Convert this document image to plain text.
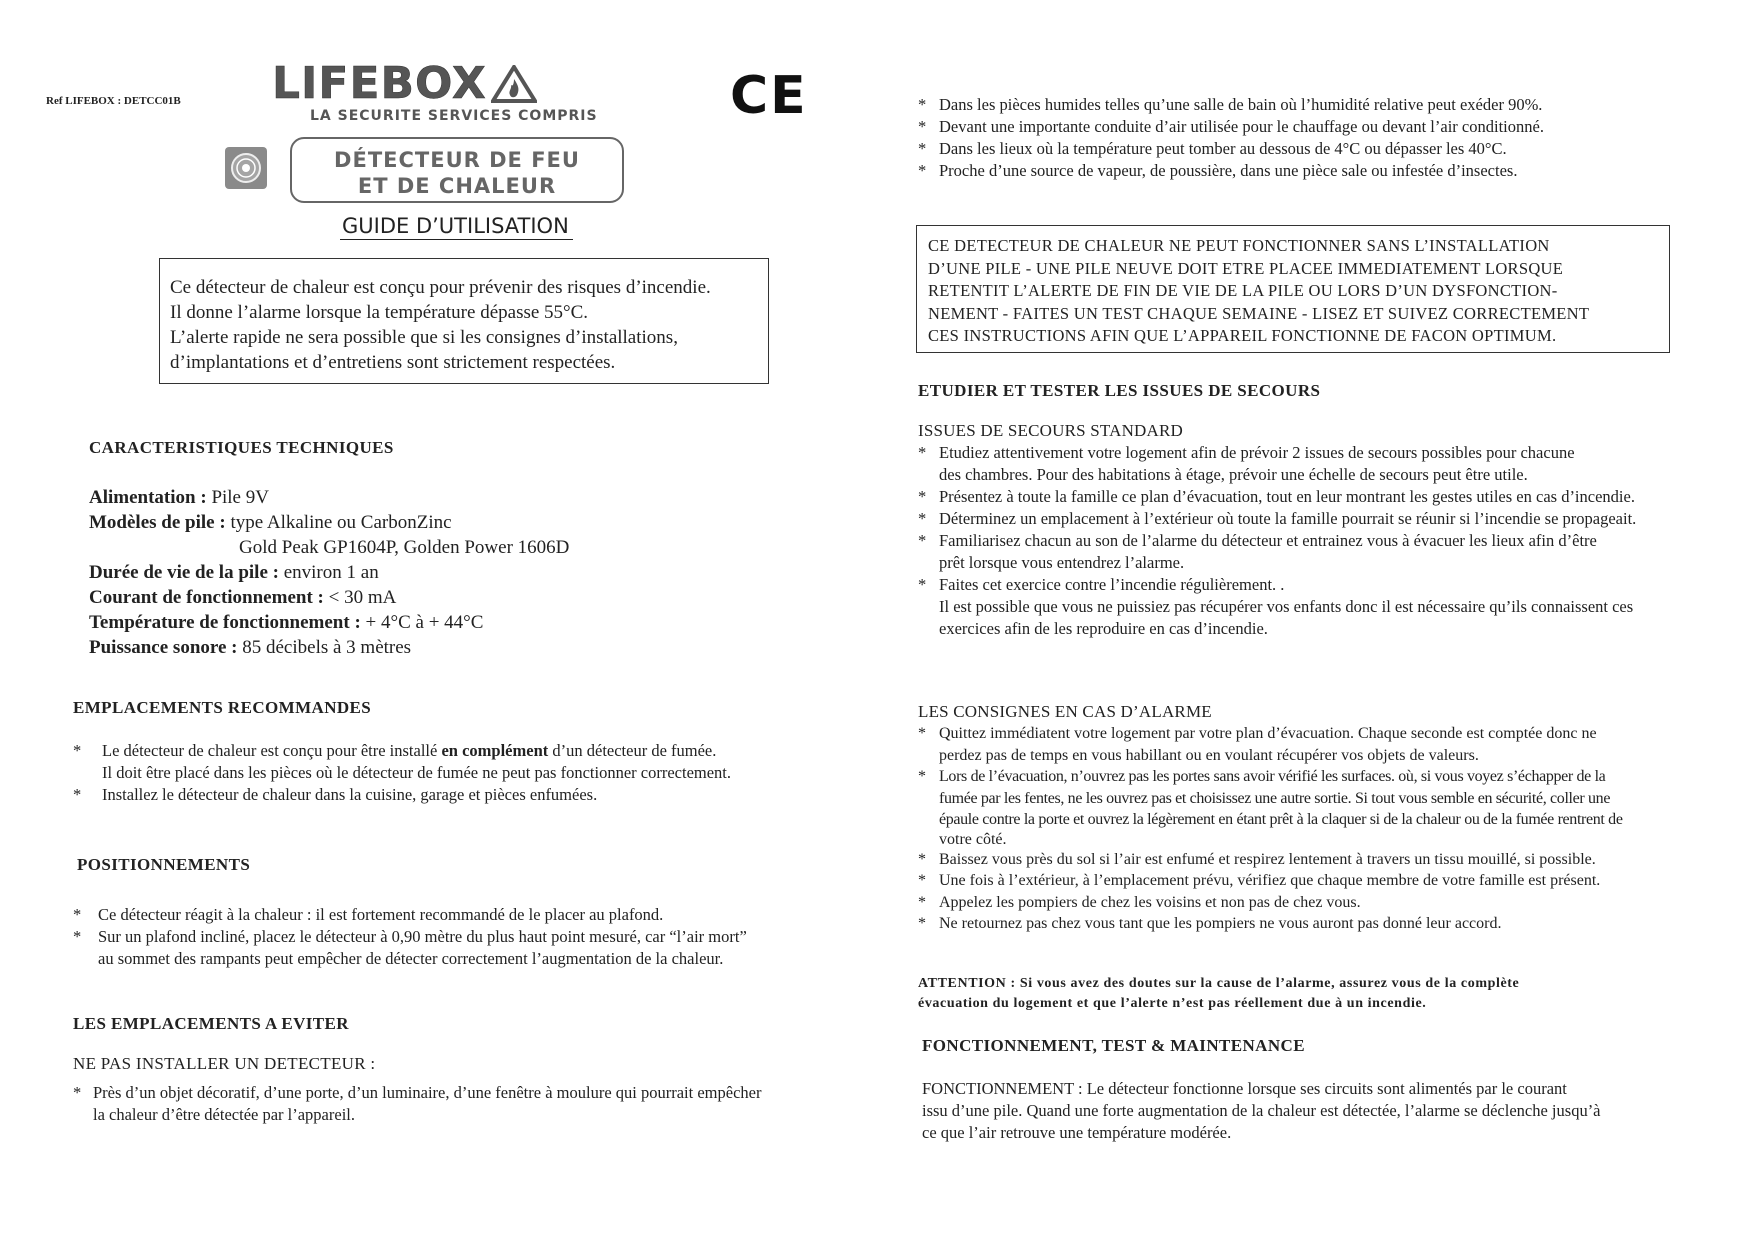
Ref LIFEBOX : DETCC01B LIFEBOX
LA SECURITE SERVICES COMPRIS	CE
DÉTECTEUR DE FEU
ET DE CHALEUR
GUIDE D’UTILISATION
Ce détecteur de chaleur est conçu pour prévenir des risques d’incendie.
Il donne l’alarme lorsque la température dépasse 55°C.
L’alerte rapide ne sera possible que si les consignes d’installations,
d’implantations et d’entretiens sont strictement respectées.
CARACTERISTIQUES TECHNIQUES
Alimentation : Pile 9V
Modèles de pile : type Alkaline ou CarbonZinc
Gold Peak GP1604P, Golden Power 1606D
Durée de vie de la pile : environ 1 an
Courant de fonctionnement : < 30 mA
Température de fonctionnement : + 4°C à + 44°C
Puissance sonore : 85 décibels à 3 mètres
EMPLACEMENTS RECOMMANDES
* Le détecteur de chaleur est conçu pour être installé en complément d’un détecteur de fumée.
Il doit être placé dans les pièces où le détecteur de fumée ne peut pas fonctionner correctement.
* Installez le détecteur de chaleur dans la cuisine, garage et pièces enfumées.
POSITIONNEMENTS
* Ce détecteur réagit à la chaleur : il est fortement recommandé de le placer au plafond.
* Sur un plafond incliné, placez le détecteur à 0,90 mètre du plus haut point mesuré, car “l’air mort”
au sommet des rampants peut empêcher de détecter correctement l’augmentation de la chaleur.
LES EMPLACEMENTS A EVITER
NE PAS INSTALLER UN DETECTEUR :
* Près d’un objet décoratif, d’une porte, d’un luminaire, d’une fenêtre à moulure qui pourrait empêcher
la chaleur d’être détectée par l’appareil.
* Dans les pièces humides telles qu’une salle de bain où l’humidité relative peut exéder 90%.
* Devant une importante conduite d’air utilisée pour le chauffage ou devant l’air conditionné.
* Dans les lieux où la température peut tomber au dessous de 4°C ou dépasser les 40°C.
* Proche d’une source de vapeur, de poussière, dans une pièce sale ou infestée d’insectes.
CE DETECTEUR DE CHALEUR NE PEUT FONCTIONNER SANS L’INSTALLATION
D’UNE PILE - UNE PILE NEUVE DOIT ETRE PLACEE IMMEDIATEMENT LORSQUE
RETENTIT L’ALERTE DE FIN DE VIE DE LA PILE OU LORS D’UN DYSFONCTION-
NEMENT - FAITES UN TEST CHAQUE SEMAINE - LISEZ ET SUIVEZ CORRECTEMENT
CES INSTRUCTIONS AFIN QUE L’APPAREIL FONCTIONNE DE FACON OPTIMUM.
ETUDIER ET TESTER LES ISSUES DE SECOURS
ISSUES DE SECOURS STANDARD
* Etudiez attentivement votre logement afin de prévoir 2 issues de secours possibles pour chacune
des chambres. Pour des habitations à étage, prévoir une échelle de secours peut être utile.
* Présentez à toute la famille ce plan d’évacuation, tout en leur montrant les gestes utiles en cas d’incendie.
* Déterminez un emplacement à l’extérieur où toute la famille pourrait se réunir si l’incendie se propageait.
* Familiarisez chacun au son de l’alarme du détecteur et entrainez vous à évacuer les lieux afin d’être
prêt lorsque vous entendrez l’alarme.
* Faites cet exercice contre l’incendie régulièrement. .
Il est possible que vous ne puissiez pas récupérer vos enfants donc il est nécessaire qu’ils connaissent ces
exercices afin de les reproduire en cas d’incendie.
LES CONSIGNES EN CAS D’ALARME
* Quittez immédiatent votre logement par votre plan d’évacuation. Chaque seconde est comptée donc ne
perdez pas de temps en vous habillant ou en voulant récupérer vos objets de valeurs.
* Lors de l’évacuation, n’ouvrez pas les portes sans avoir vérifié les surfaces. où, si vous voyez s’échapper de la
fumée par les fentes, ne les ouvrez pas et choisissez une autre sortie. Si tout vous semble en sécurité, coller une
épaule contre la porte et ouvrez la légèrement en étant prêt à la claquer si de la chaleur ou de la fumée rentrent de
votre côté.
* Baissez vous près du sol si l’air est enfumé et respirez lentement à travers un tissu mouillé, si possible.
* Une fois à l’extérieur, à l’emplacement prévu, vérifiez que chaque membre de votre famille est présent.
* Appelez les pompiers de chez les voisins et non pas de chez vous.
* Ne retournez pas chez vous tant que les pompiers ne vous auront pas donné leur accord.
ATTENTION : Si vous avez des doutes sur la cause de l’alarme, assurez vous de la complète
évacuation du logement et que l’alerte n’est pas réellement due à un incendie.
FONCTIONNEMENT, TEST & MAINTENANCE
FONCTIONNEMENT : Le détecteur fonctionne lorsque ses circuits sont alimentés par le courant
issu d’une pile. Quand une forte augmentation de la chaleur est détectée, l’alarme se déclenche jusqu’à
ce que l’air retrouve une température modérée.
